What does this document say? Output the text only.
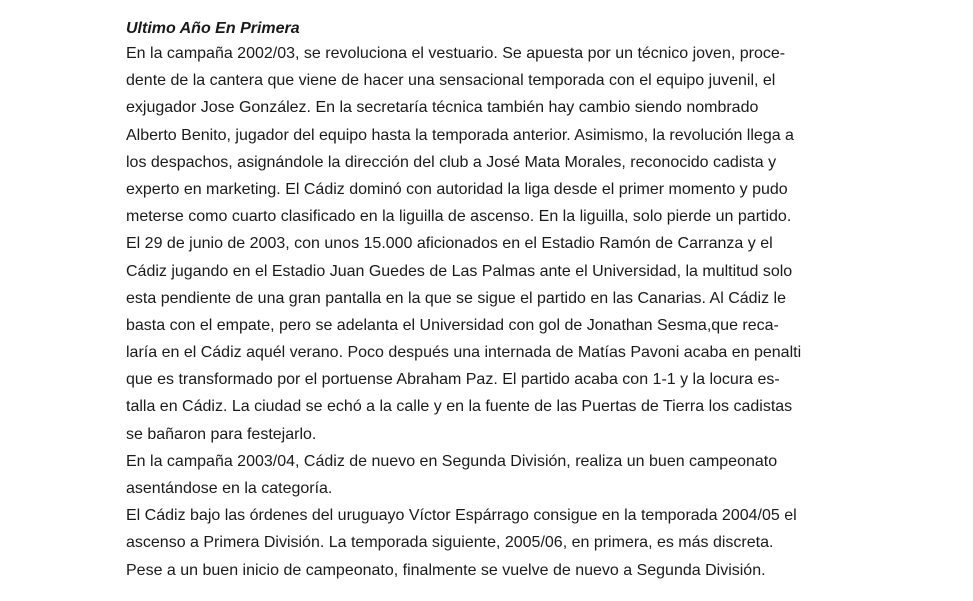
Ultimo Año En Primera
En la campaña 2002/03, se revoluciona el vestuario. Se apuesta por un técnico joven, proce-
dente de la cantera que viene de hacer una sensacional temporada con el equipo juvenil, el
exjugador Jose González. En la secretaría técnica también hay cambio siendo nombrado
Alberto Benito, jugador del equipo hasta la temporada anterior. Asimismo, la revolución llega a
los despachos, asignándole la dirección del club a José Mata Morales, reconocido cadista y
experto en marketing. El Cádiz dominó con autoridad la liga desde el primer momento y pudo
meterse como cuarto clasificado en la liguilla de ascenso. En la liguilla, solo pierde un partido.
El 29 de junio de 2003, con unos 15.000 aficionados en el Estadio Ramón de Carranza y el
Cádiz jugando en el Estadio Juan Guedes de Las Palmas ante el Universidad, la multitud solo
esta pendiente de una gran pantalla en la que se sigue el partido en las Canarias. Al Cádiz le
basta con el empate, pero se adelanta el Universidad con gol de Jonathan Sesma,que reca-
laría en el Cádiz aquél verano. Poco después una internada de Matías Pavoni acaba en penalti
que es transformado por el portuense Abraham Paz. El partido acaba con 1-1 y la locura es-
talla en Cádiz. La ciudad se echó a la calle y en la fuente de las Puertas de Tierra los cadistas
se bañaron para festejarlo.
En la campaña 2003/04, Cádiz de nuevo en Segunda División, realiza un buen campeonato
asentándose en la categoría.
El Cádiz bajo las órdenes del uruguayo Víctor Espárrago consigue en la temporada 2004/05 el
ascenso a Primera División. La temporada siguiente, 2005/06, en primera, es más discreta.
Pese a un buen inicio de campeonato, finalmente se vuelve de nuevo a Segunda División.
